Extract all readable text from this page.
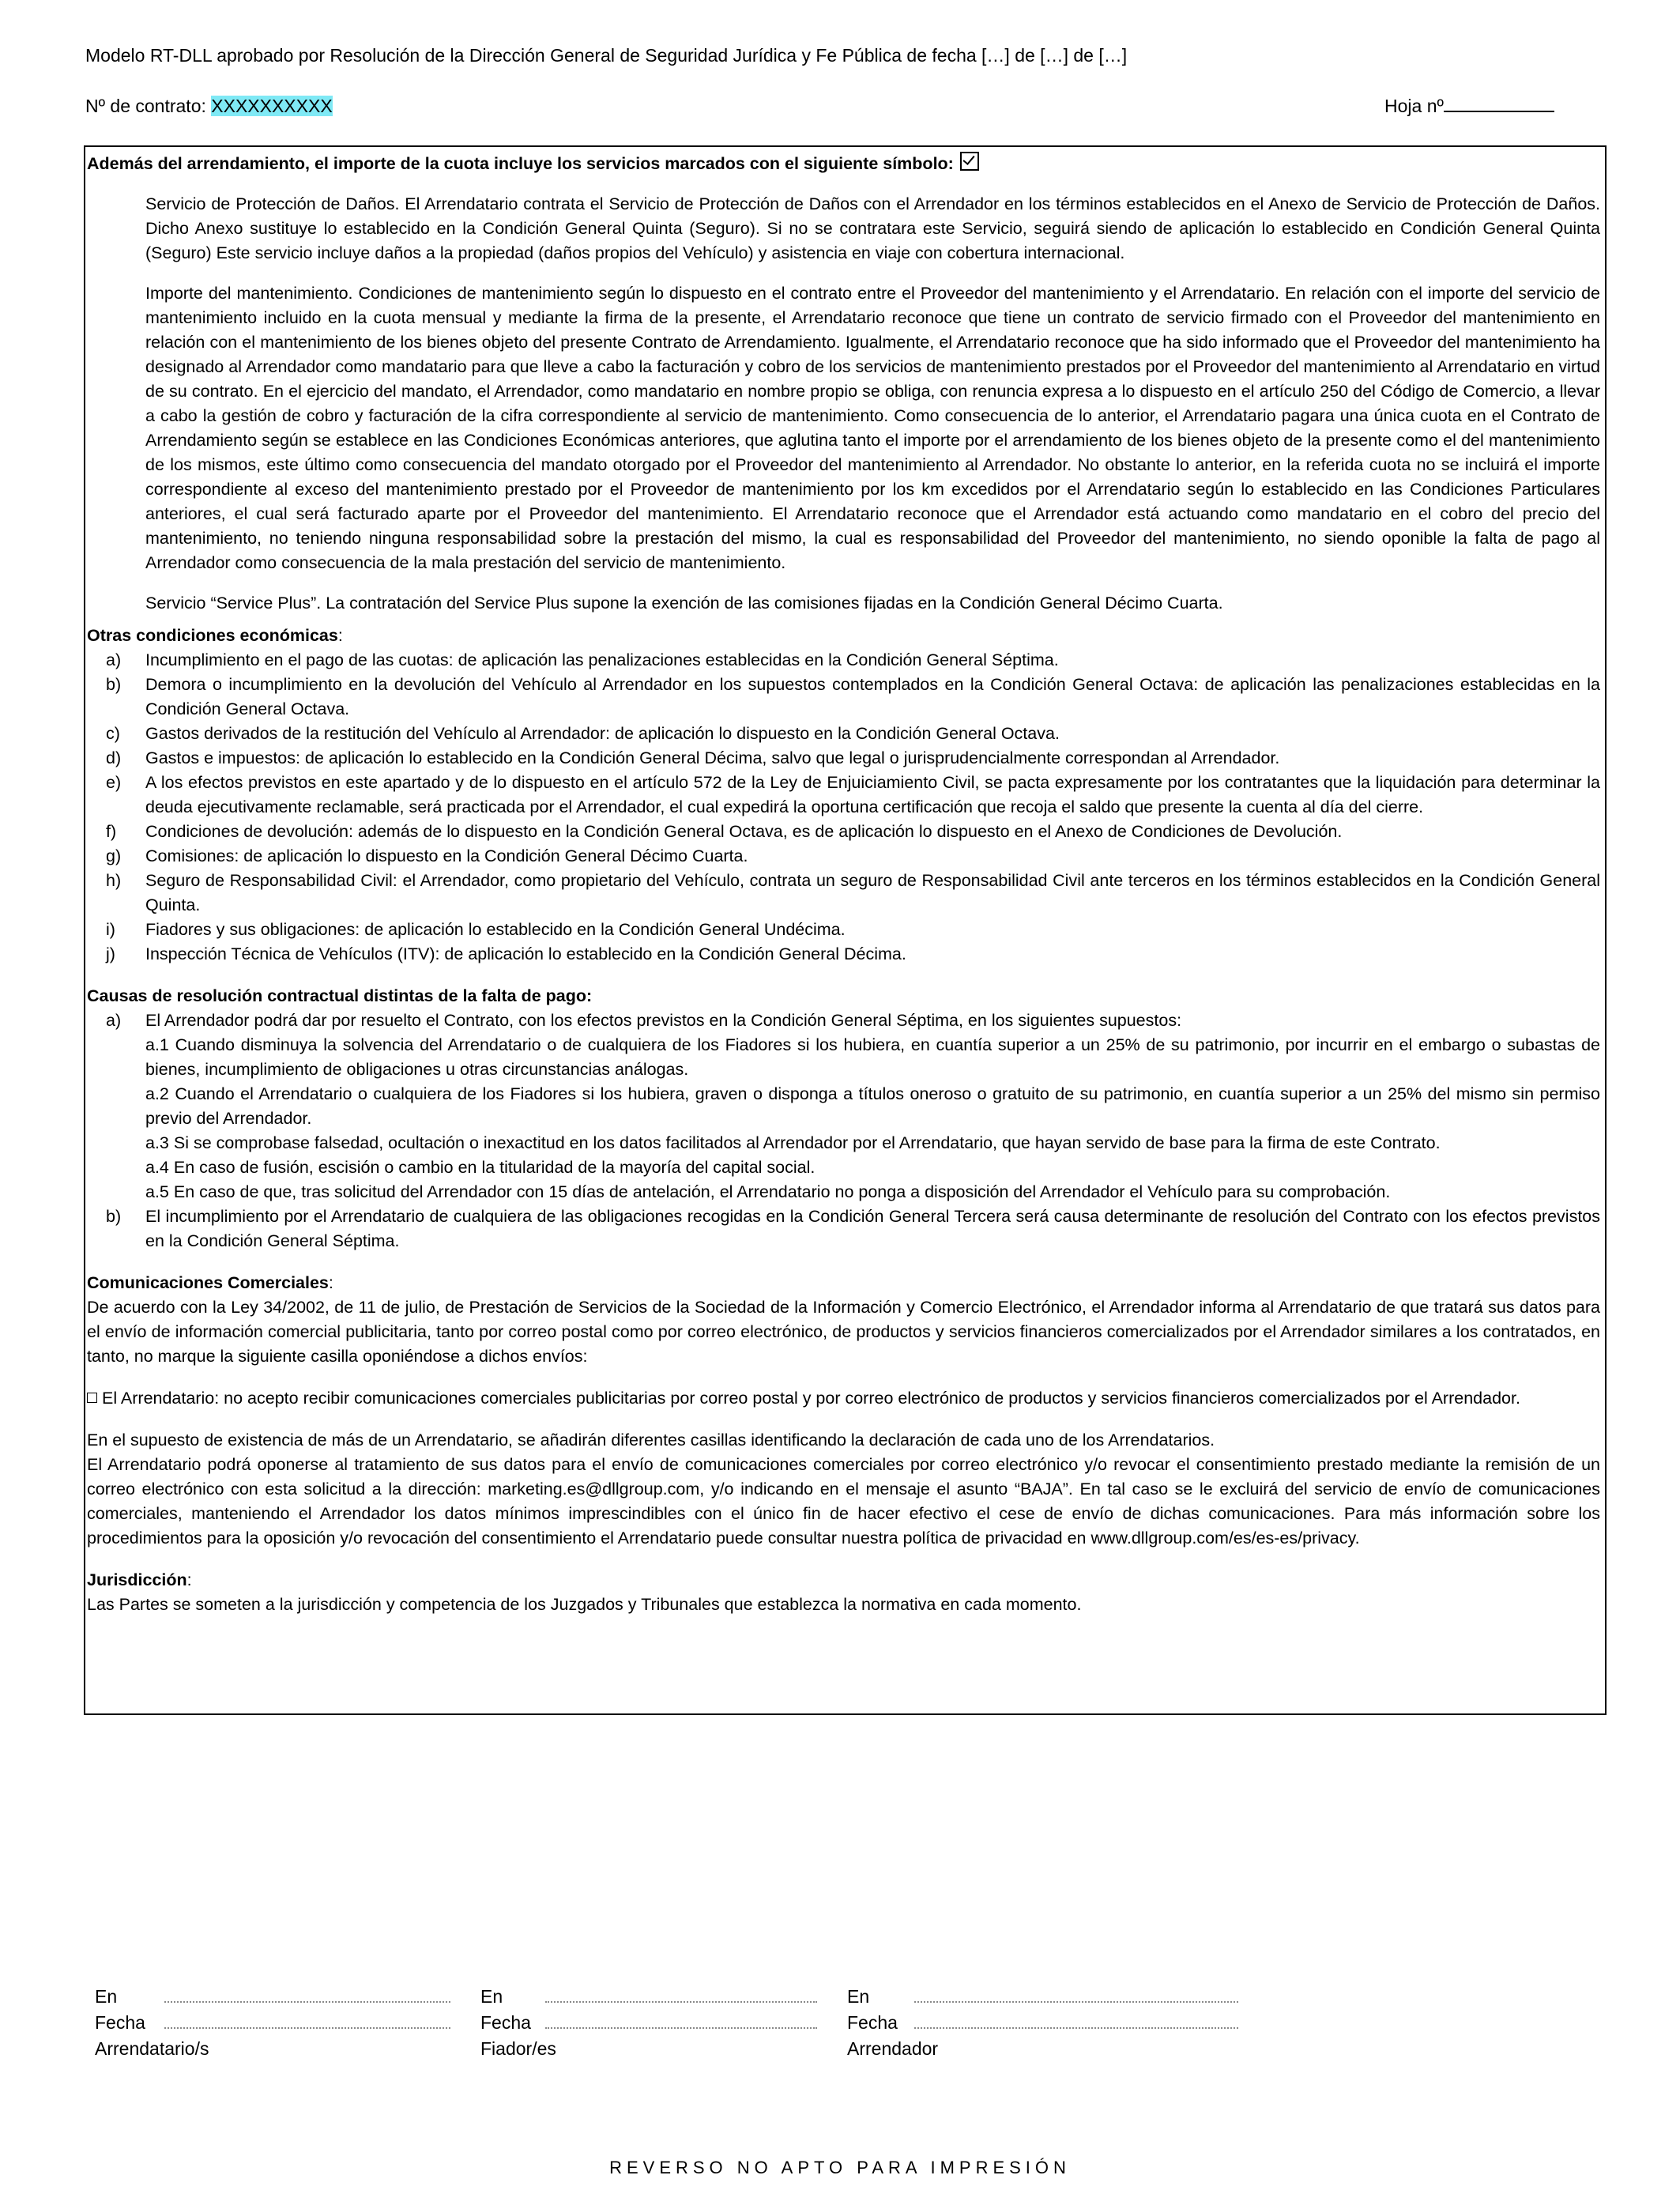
Modelo RT-DLL aprobado por Resolución de la Dirección General de Seguridad Jurídica y Fe Pública de fecha […] de […] de […]
Nº de contrato: XXXXXXXXXX	Hoja nº
Además del arrendamiento, el importe de la cuota incluye los servicios marcados con el siguiente símbolo:

Servicio de Protección de Daños. El Arrendatario contrata el Servicio de Protección de Daños con el Arrendador en los términos establecidos en el Anexo de Servicio de Protección de Daños. Dicho Anexo sustituye lo establecido en la Condición General Quinta (Seguro). Si no se contratara este Servicio, seguirá siendo de aplicación lo establecido en Condición General Quinta (Seguro) Este servicio incluye daños a la propiedad (daños propios del Vehículo) y asistencia en viaje con cobertura internacional.

Importe del mantenimiento. Condiciones de mantenimiento según lo dispuesto en el contrato entre el Proveedor del mantenimiento y el Arrendatario. En relación con el importe del servicio de mantenimiento incluido en la cuota mensual y mediante la firma de la presente, el Arrendatario reconoce que tiene un contrato de servicio firmado con el Proveedor del mantenimiento en relación con el mantenimiento de los bienes objeto del presente Contrato de Arrendamiento. Igualmente, el Arrendatario reconoce que ha sido informado que el Proveedor del mantenimiento ha designado al Arrendador como mandatario para que lleve a cabo la facturación y cobro de los servicios de mantenimiento prestados por el Proveedor del mantenimiento al Arrendatario en virtud de su contrato. En el ejercicio del mandato, el Arrendador, como mandatario en nombre propio se obliga, con renuncia expresa a lo dispuesto en el artículo 250 del Código de Comercio, a llevar a cabo la gestión de cobro y facturación de la cifra correspondiente al servicio de mantenimiento. Como consecuencia de lo anterior, el Arrendatario pagara una única cuota en el Contrato de Arrendamiento según se establece en las Condiciones Económicas anteriores, que aglutina tanto el importe por el arrendamiento de los bienes objeto de la presente como el del mantenimiento de los mismos, este último como consecuencia del mandato otorgado por el Proveedor del mantenimiento al Arrendador. No obstante lo anterior, en la referida cuota no se incluirá el importe correspondiente al exceso del mantenimiento prestado por el Proveedor de mantenimiento por los km excedidos por el Arrendatario según lo establecido en las Condiciones Particulares anteriores, el cual será facturado aparte por el Proveedor del mantenimiento. El Arrendatario reconoce que el Arrendador está actuando como mandatario en el cobro del precio del mantenimiento, no teniendo ninguna responsabilidad sobre la prestación del mismo, la cual es responsabilidad del Proveedor del mantenimiento, no siendo oponible la falta de pago al Arrendador como consecuencia de la mala prestación del servicio de mantenimiento.

Servicio “Service Plus”. La contratación del Service Plus supone la exención de las comisiones fijadas en la Condición General Décimo Cuarta.

Otras condiciones económicas:
a) Incumplimiento en el pago de las cuotas: de aplicación las penalizaciones establecidas en la Condición General Séptima.
b) Demora o incumplimiento en la devolución del Vehículo al Arrendador en los supuestos contemplados en la Condición General Octava: de aplicación las penalizaciones establecidas en la Condición General Octava.
c) Gastos derivados de la restitución del Vehículo al Arrendador: de aplicación lo dispuesto en la Condición General Octava.
d) Gastos e impuestos: de aplicación lo establecido en la Condición General Décima, salvo que legal o jurisprudencialmente correspondan al Arrendador.
e) A los efectos previstos en este apartado y de lo dispuesto en el artículo 572 de la Ley de Enjuiciamiento Civil, se pacta expresamente por los contratantes que la liquidación para determinar la deuda ejecutivamente reclamable, será practicada por el Arrendador, el cual expedirá la oportuna certificación que recoja el saldo que presente la cuenta al día del cierre.
f) Condiciones de devolución: además de lo dispuesto en la Condición General Octava, es de aplicación lo dispuesto en el Anexo de Condiciones de Devolución.
g) Comisiones: de aplicación lo dispuesto en la Condición General Décimo Cuarta.
h) Seguro de Responsabilidad Civil: el Arrendador, como propietario del Vehículo, contrata un seguro de Responsabilidad Civil ante terceros en los términos establecidos en la Condición General Quinta.
i) Fiadores y sus obligaciones: de aplicación lo establecido en la Condición General Undécima.
j) Inspección Técnica de Vehículos (ITV): de aplicación lo establecido en la Condición General Décima.
Causas de resolución contractual distintas de la falta de pago:
a) El Arrendador podrá dar por resuelto el Contrato, con los efectos previstos en la Condición General Séptima, en los siguientes supuestos:
a.1 Cuando disminuya la solvencia del Arrendatario o de cualquiera de los Fiadores si los hubiera, en cuantía superior a un 25% de su patrimonio, por incurrir en el embargo o subastas de bienes, incumplimiento de obligaciones u otras circunstancias análogas.
a.2 Cuando el Arrendatario o cualquiera de los Fiadores si los hubiera, graven o disponga a títulos oneroso o gratuito de su patrimonio, en cuantía superior a un 25% del mismo sin permiso previo del Arrendador.
a.3 Si se comprobase falsedad, ocultación o inexactitud en los datos facilitados al Arrendador por el Arrendatario, que hayan servido de base para la firma de este Contrato.
a.4 En caso de fusión, escisión o cambio en la titularidad de la mayoría del capital social.
a.5 En caso de que, tras solicitud del Arrendador con 15 días de antelación, el Arrendatario no ponga a disposición del Arrendador el Vehículo para su comprobación.
b) El incumplimiento por el Arrendatario de cualquiera de las obligaciones recogidas en la Condición General Tercera será causa determinante de resolución del Contrato con los efectos previstos en la Condición General Séptima.
Comunicaciones Comerciales:

De acuerdo con la Ley 34/2002, de 11 de julio, de Prestación de Servicios de la Sociedad de la Información y Comercio Electrónico, el Arrendador informa al Arrendatario de que tratará sus datos para el envío de información comercial publicitaria, tanto por correo postal como por correo electrónico, de productos y servicios financieros comercializados por el Arrendador similares a los contratados, en tanto, no marque la siguiente casilla oponiéndose a dichos envíos:

El Arrendatario: no acepto recibir comunicaciones comerciales publicitarias por correo postal y por correo electrónico de productos y servicios financieros comercializados por el Arrendador.

En el supuesto de existencia de más de un Arrendatario, se añadirán diferentes casillas identificando la declaración de cada uno de los Arrendatarios.

El Arrendatario podrá oponerse al tratamiento de sus datos para el envío de comunicaciones comerciales por correo electrónico y/o revocar el consentimiento prestado mediante la remisión de un correo electrónico con esta solicitud a la dirección: marketing.es@dllgroup.com, y/o indicando en el mensaje el asunto “BAJA”. En tal caso se le excluirá del servicio de envío de comunicaciones comerciales, manteniendo el Arrendador los datos mínimos imprescindibles con el único fin de hacer efectivo el cese de envío de dichas comunicaciones. Para más información sobre los procedimientos para la oposición y/o revocación del consentimiento el Arrendatario puede consultar nuestra política de privacidad en www.dllgroup.com/es/es-es/privacy.

Jurisdicción:

Las Partes se someten a la jurisdicción y competencia de los Juzgados y Tribunales que establezca la normativa en cada momento.

En
Fecha
Arrendatario/s
En
Fecha
Fiador/es
En
Fecha
Arrendador
REVERSO NO APTO PARA IMPRESIÓN
